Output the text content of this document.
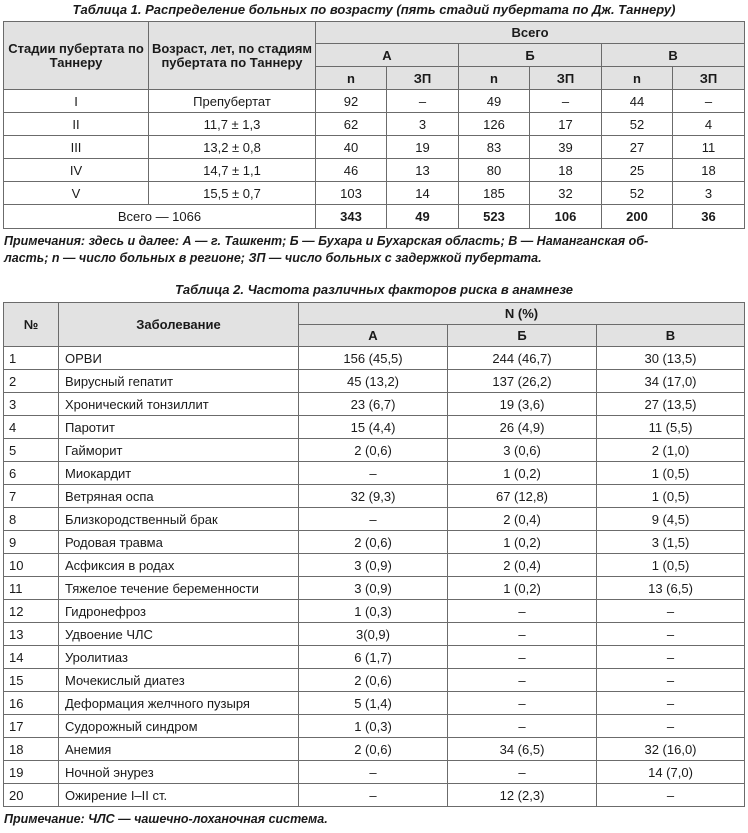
Таблица 1. Распределение больных по возрасту (пять стадий пубертата по Дж. Таннеру)
Стадии пубертата по Таннеру	Возраст, лет, по стадиям пубертата по Таннеру	Всего					
		А		Б		В	
		n	ЗП	n	ЗП	n	ЗП
I	Препубертат	92	–	49	–	44	–
II	11,7 ± 1,3	62	3	126	17	52	4
III	13,2 ± 0,8	40	19	83	39	27	11
IV	14,7 ± 1,1	46	13	80	18	25	18
V	15,5 ± 0,7	103	14	185	32	52	3
Всего — 1066		343	49	523	106	200	36
Примечания: здесь и далее: А — г. Ташкент; Б — Бухара и Бухарская область; В — Наманганская об-
ласть; n — число больных в регионе; ЗП — число больных с задержкой пубертата.
Таблица 2. Частота различных факторов риска в анамнезе
№	Заболевание	N (%)		
		А	Б	В
1	ОРВИ	156 (45,5)	244 (46,7)	30 (13,5)
2	Вирусный гепатит	45 (13,2)	137 (26,2)	34 (17,0)
3	Хронический тонзиллит	23 (6,7)	19 (3,6)	27 (13,5)
4	Паротит	15 (4,4)	26 (4,9)	11 (5,5)
5	Гайморит	2 (0,6)	3 (0,6)	2 (1,0)
6	Миокардит	–	1 (0,2)	1 (0,5)
7	Ветряная оспа	32 (9,3)	67 (12,8)	1 (0,5)
8	Близкородственный брак	–	2 (0,4)	9 (4,5)
9	Родовая травма	2 (0,6)	1 (0,2)	3 (1,5)
10	Асфиксия в родах	3 (0,9)	2 (0,4)	1 (0,5)
11	Тяжелое течение беременности	3 (0,9)	1 (0,2)	13 (6,5)
12	Гидронефроз	1 (0,3)	–	–
13	Удвоение ЧЛС	3(0,9)	–	–
14	Уролитиаз	6 (1,7)	–	–
15	Мочекислый диатез	2 (0,6)	–	–
16	Деформация желчного пузыря	5 (1,4)	–	–
17	Судорожный синдром	1 (0,3)	–	–
18	Анемия	2 (0,6)	34 (6,5)	32 (16,0)
19	Ночной энурез	–	–	14 (7,0)
20	Ожирение I–II ст.	–	12 (2,3)	–
Примечание: ЧЛС — чашечно-лоханочная система.
